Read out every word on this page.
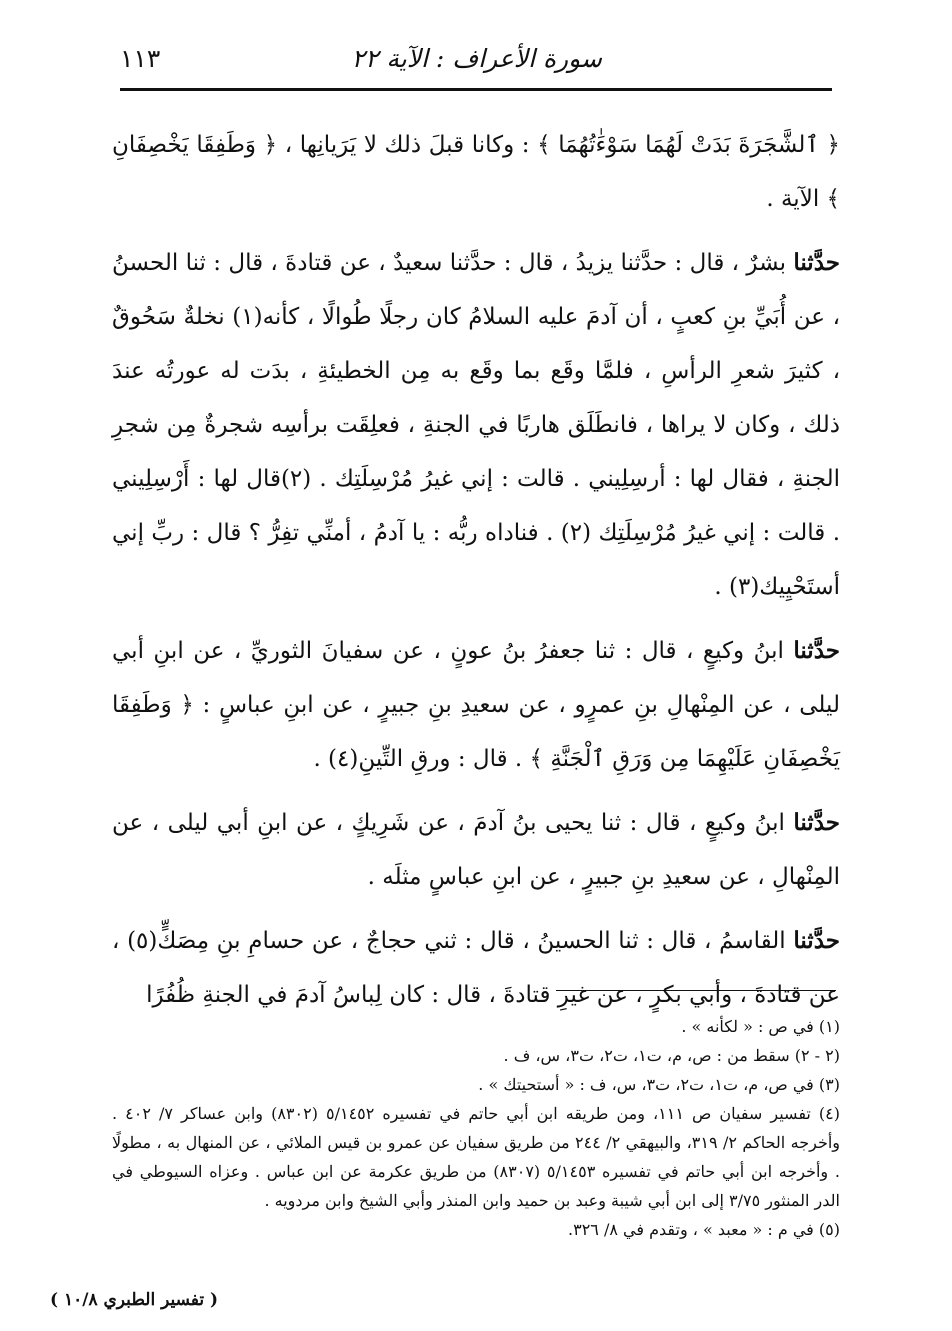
سورة الأعراف : الآية ٢٢
١١٣

﴿ ٱلشَّجَرَةَ بَدَتْ لَهُمَا سَوْءَٰتُهُمَا ﴾ : وكانا قبلَ ذلك لا يَرَيانِها ، ﴿ وَطَفِقَا يَخْصِفَانِ ﴾ الآية .

حدَّثنا بشرٌ ، قال : حدَّثنا يزيدُ ، قال : حدَّثنا سعيدٌ ، عن قتادةَ ، قال : ثنا الحسنُ ، عن أُبَيِّ بنِ كعبٍ ، أن آدمَ عليه السلامُ كان رجلًا طُوالًا ، كأنه(١) نخلةٌ سَحُوقٌ ، كثيرَ شعرِ الرأسِ ، فلمَّا وقَع بما وقَع به مِن الخطيئةِ ، بدَت له عورتُه عندَ ذلك ، وكان لا يراها ، فانطَلَق هاربًا في الجنةِ ، فعلِقَت برأسِه شجرةٌ مِن شجرِ الجنةِ ، فقال لها : أرسِلِيني . قالت : إني غيرُ مُرْسِلَتِك . (٢)قال لها : أَرْسِلِيني . قالت : إني غيرُ مُرْسِلَتِك (٢) . فناداه ربُّه : يا آدمُ ، أمنِّي تفِرُّ ؟ قال : ربِّ إني أستَحْيِيك(٣) .

حدَّثنا ابنُ وكيعٍ ، قال : ثنا جعفرُ بنُ عونٍ ، عن سفيانَ الثوريِّ ، عن ابنِ أبي ليلى ، عن المِنْهالِ بنِ عمرٍو ، عن سعيدِ بنِ جبيرٍ ، عن ابنِ عباسٍ : ﴿ وَطَفِقَا يَخْصِفَانِ عَلَيْهِمَا مِن وَرَقِ ٱلْجَنَّةِ ﴾ . قال : ورقِ التِّينِ(٤) .

حدَّثنا ابنُ وكيعٍ ، قال : ثنا يحيى بنُ آدمَ ، عن شَرِيكٍ ، عن ابنِ أبي ليلى ، عن المِنْهالِ ، عن سعيدِ بنِ جبيرٍ ، عن ابنِ عباسٍ مثلَه .

حدَّثنا القاسمُ ، قال : ثنا الحسينُ ، قال : ثني حجاجٌ ، عن حسامِ بنِ مِصَكٍّ(٥) ، عن قتادةَ ، وأبي بكرٍ ، عن غيرِ قتادةَ ، قال : كان لِباسُ آدمَ في الجنةِ ظُفُرًا

(١) في ص : « لكأنه » .
(٢ - ٢) سقط من : ص، م، ت١، ت٢، ت٣، س، ف .
(٣) في ص، م، ت١، ت٢، ت٣، س، ف : « أستحيتك » .
(٤) تفسير سفيان ص ١١١، ومن طريقه ابن أبي حاتم في تفسيره ٥/١٤٥٢ (٨٣٠٢) وابن عساكر ٧/ ٤٠٢ . وأخرجه الحاكم ٢/ ٣١٩، والبيهقي ٢/ ٢٤٤ من طريق سفيان عن عمرو بن قيس الملائي ، عن المنهال به ، مطولًا . وأخرجه ابن أبي حاتم في تفسيره ٥/١٤٥٣ (٨٣٠٧) من طريق عكرمة عن ابن عباس . وعزاه السيوطي في الدر المنثور ٣/٧٥ إلى ابن أبي شيبة وعبد بن حميد وابن المنذر وأبي الشيخ وابن مردويه .
(٥) في م : « معبد » ، وتقدم في ٨/ ٣٢٦.
( تفسير الطبري ١٠/٨ )
